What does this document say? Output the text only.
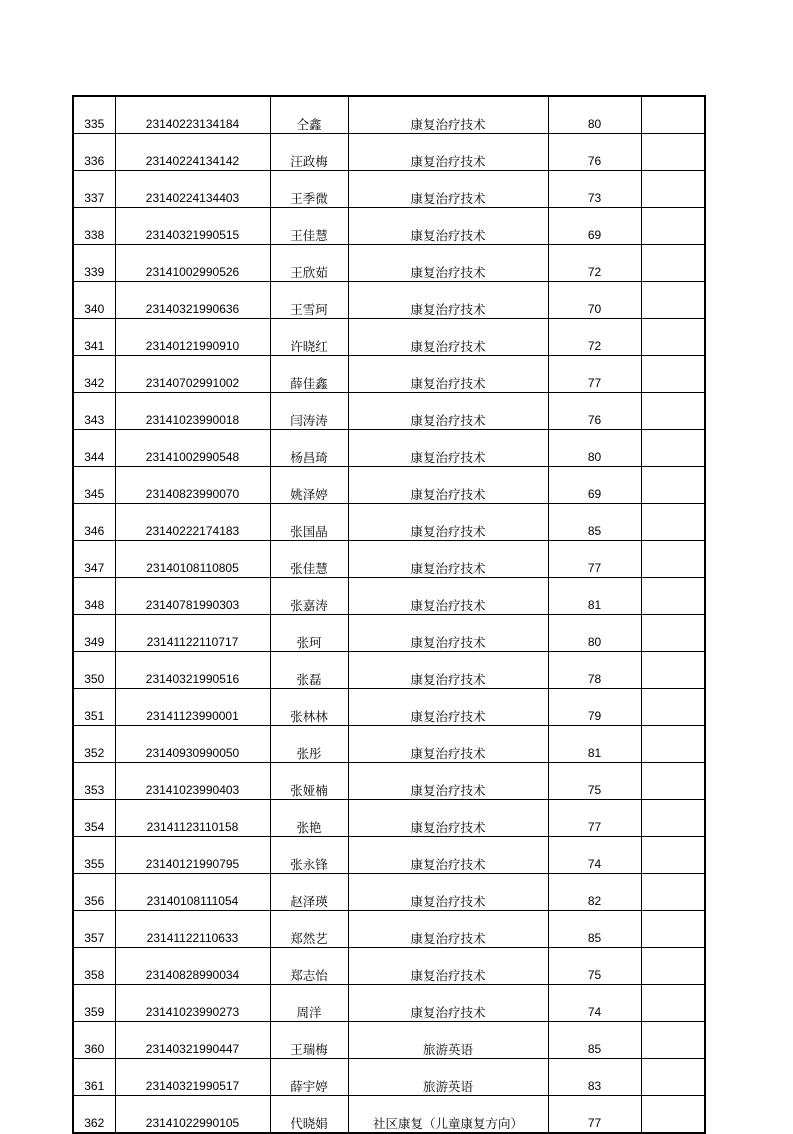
335	23140223134184	仝鑫	康复治疗技术	80	
336	23140224134142	汪政梅	康复治疗技术	76	
337	23140224134403	王季微	康复治疗技术	73	
338	23140321990515	王佳慧	康复治疗技术	69	
339	23141002990526	王欣茹	康复治疗技术	72	
340	23140321990636	王雪珂	康复治疗技术	70	
341	23140121990910	许晓红	康复治疗技术	72	
342	23140702991002	薛佳鑫	康复治疗技术	77	
343	23141023990018	闫涛涛	康复治疗技术	76	
344	23141002990548	杨昌琦	康复治疗技术	80	
345	23140823990070	姚泽婷	康复治疗技术	69	
346	23140222174183	张国晶	康复治疗技术	85	
347	23140108110805	张佳慧	康复治疗技术	77	
348	23140781990303	张嘉涛	康复治疗技术	81	
349	23141122110717	张珂	康复治疗技术	80	
350	23140321990516	张磊	康复治疗技术	78	
351	23141123990001	张林林	康复治疗技术	79	
352	23140930990050	张彤	康复治疗技术	81	
353	23141023990403	张娅楠	康复治疗技术	75	
354	23141123110158	张艳	康复治疗技术	77	
355	23140121990795	张永锋	康复治疗技术	74	
356	23140108111054	赵泽瑛	康复治疗技术	82	
357	23141122110633	郑然艺	康复治疗技术	85	
358	23140828990034	郑志怡	康复治疗技术	75	
359	23141023990273	周洋	康复治疗技术	74	
360	23140321990447	王瑞梅	旅游英语	85	
361	23140321990517	薛宇婷	旅游英语	83	
362	23141022990105	代晓娟	社区康复（儿童康复方向）	77	
